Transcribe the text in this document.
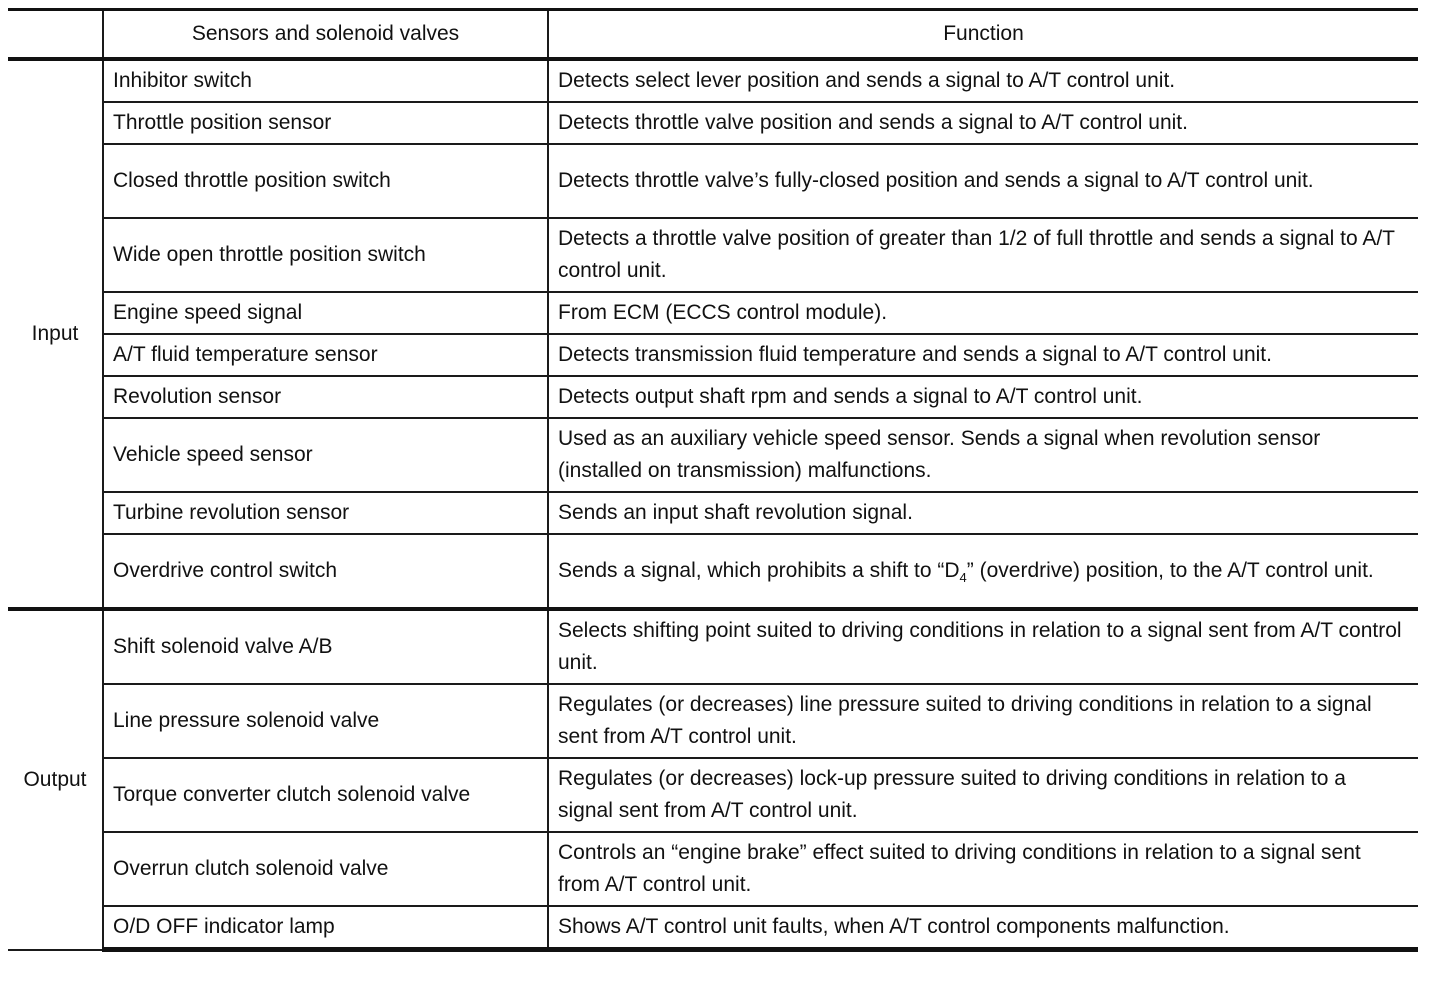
	Sensors and solenoid valves	Function
Input	Inhibitor switch	Detects select lever position and sends a signal to A/T control unit.
	Throttle position sensor	Detects throttle valve position and sends a signal to A/T control unit.
	Closed throttle position switch	Detects throttle valve’s fully-closed position and sends a signal to A/T control unit.
	Wide open throttle position switch	Detects a throttle valve position of greater than 1/2 of full throttle and sends a signal to A/T control unit.
	Engine speed signal	From ECM (ECCS control module).
	A/T fluid temperature sensor	Detects transmission fluid temperature and sends a signal to A/T control unit.
	Revolution sensor	Detects output shaft rpm and sends a signal to A/T control unit.
	Vehicle speed sensor	Used as an auxiliary vehicle speed sensor. Sends a signal when revolution sensor (installed on transmission) malfunctions.
	Turbine revolution sensor	Sends an input shaft revolution signal.
	Overdrive control switch	Sends a signal, which prohibits a shift to “$D_4$” (overdrive) position, to the A/T control unit.
Output	Shift solenoid valve A/B	Selects shifting point suited to driving conditions in relation to a signal sent from A/T control unit.
	Line pressure solenoid valve	Regulates (or decreases) line pressure suited to driving conditions in relation to a signal sent from A/T control unit.
	Torque converter clutch solenoid valve	Regulates (or decreases) lock-up pressure suited to driving conditions in relation to a signal sent from A/T control unit.
	Overrun clutch solenoid valve	Controls an “engine brake” effect suited to driving conditions in relation to a signal sent from A/T control unit.
	O/D OFF indicator lamp	Shows A/T control unit faults, when A/T control components malfunction.
